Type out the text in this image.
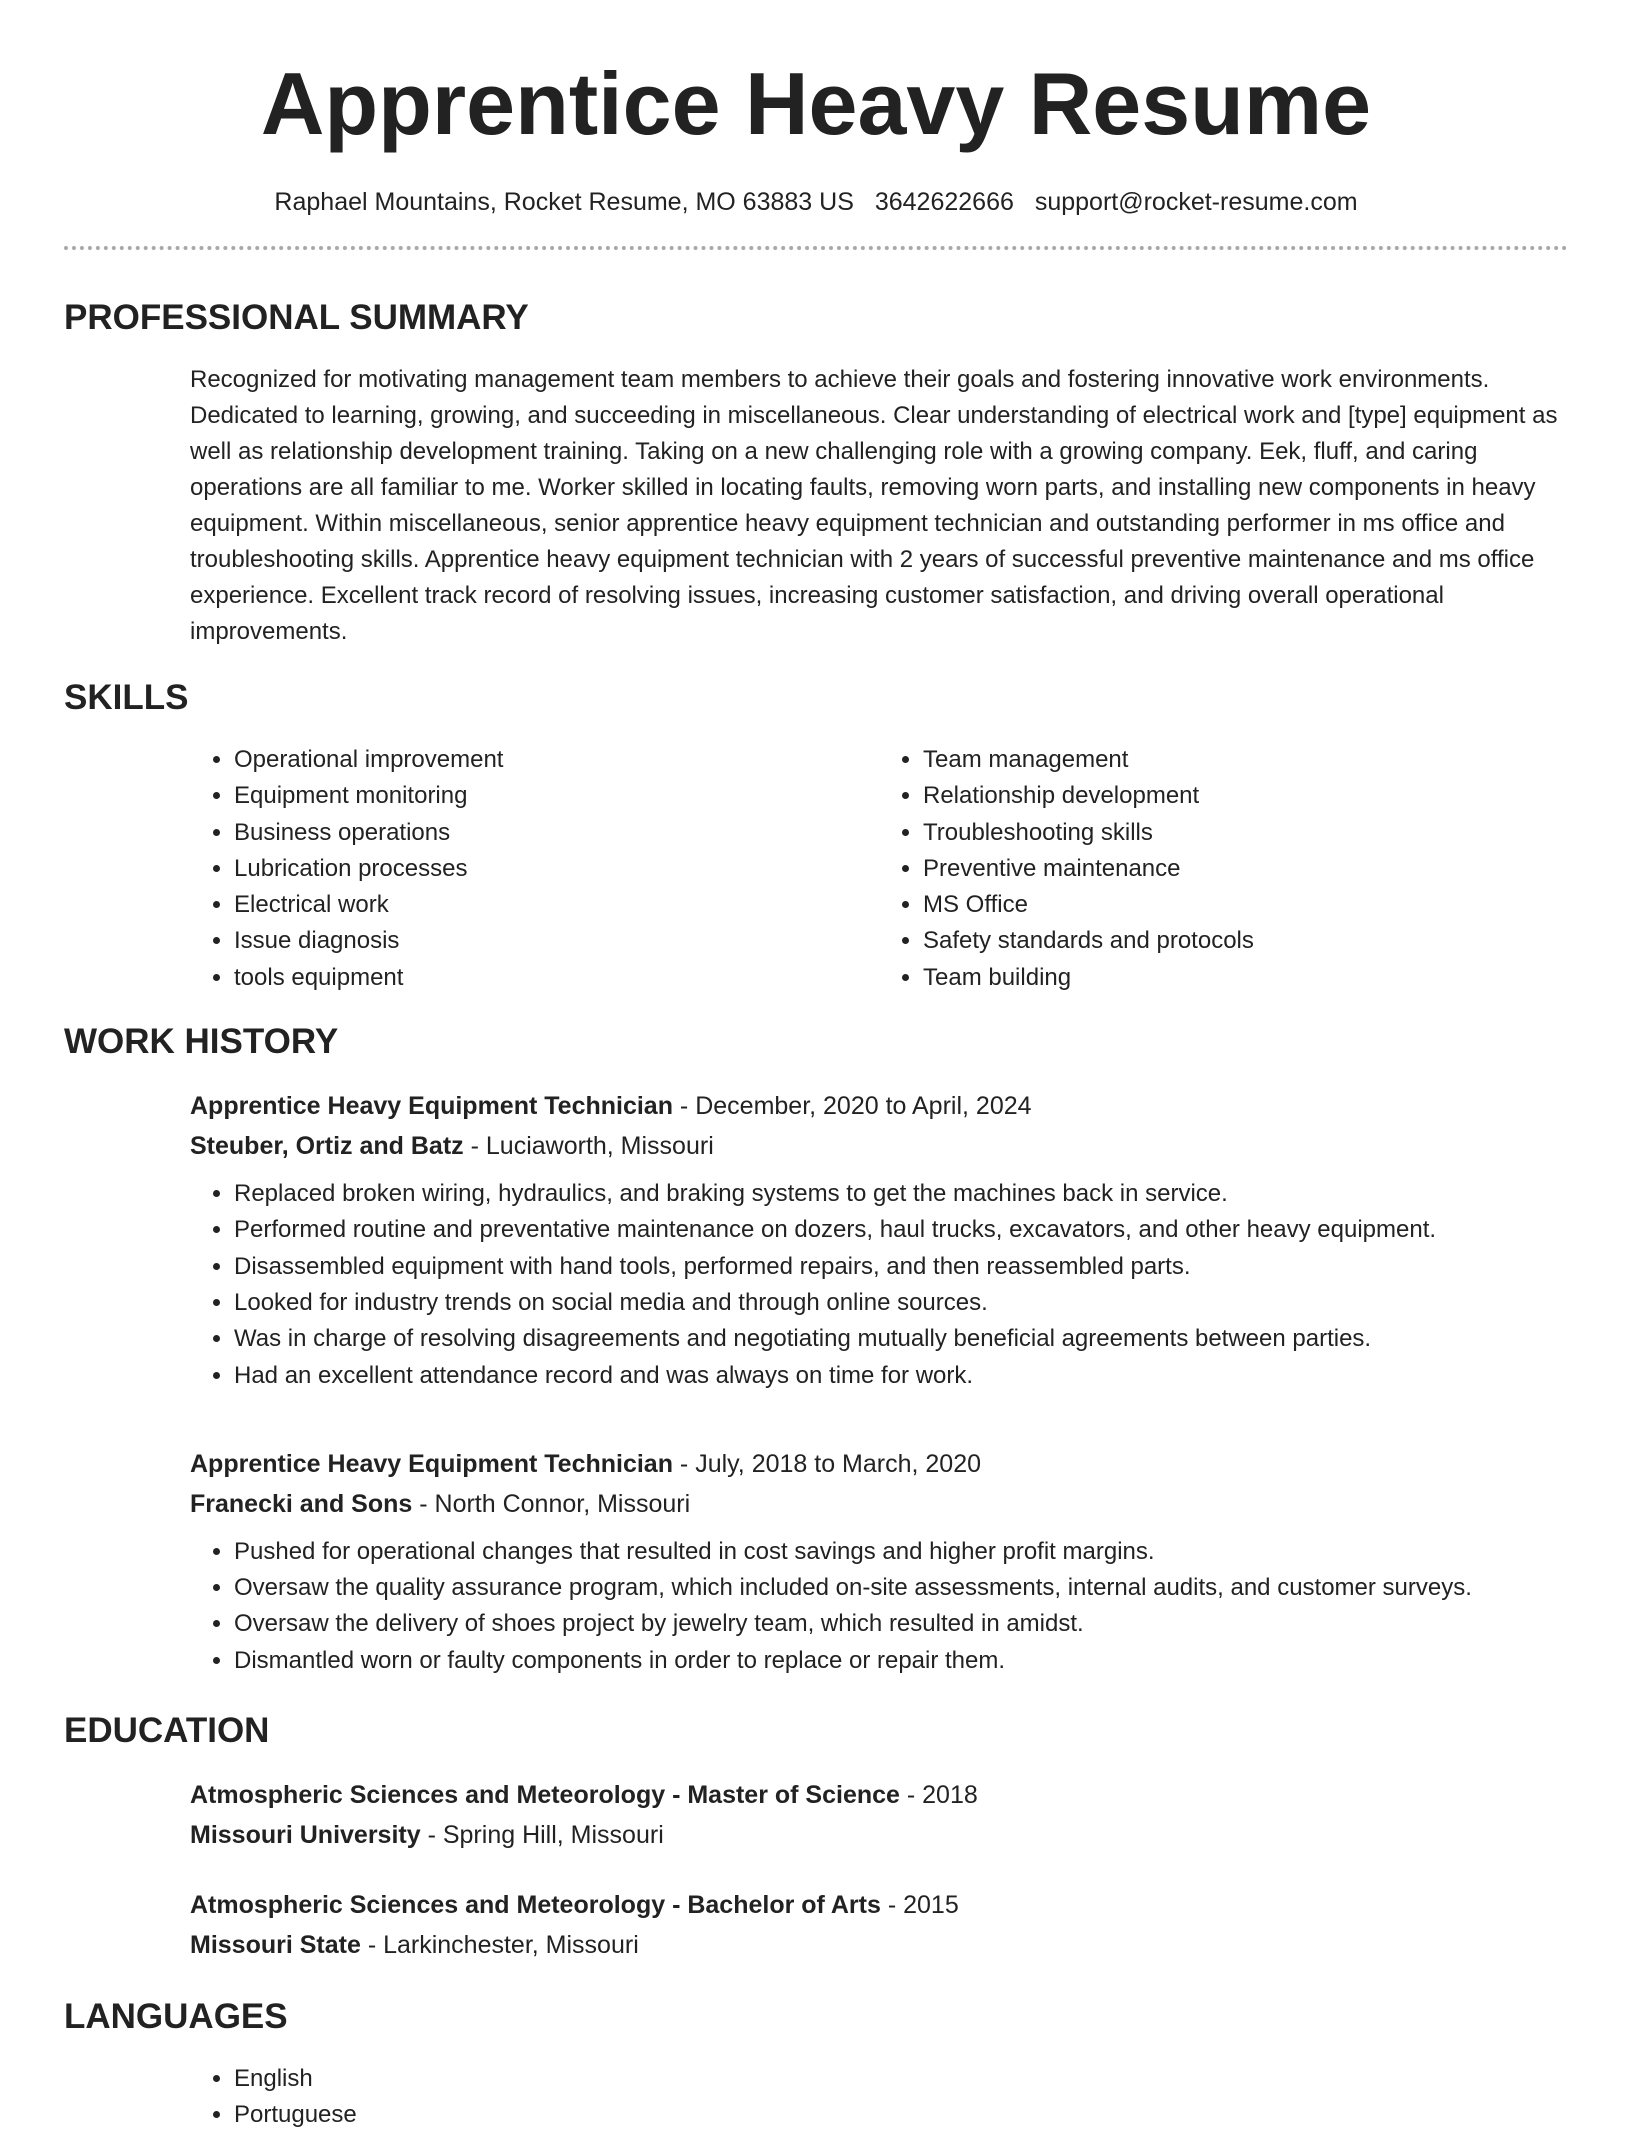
Apprentice Heavy Resume
Raphael Mountains, Rocket Resume, MO 63883 US 3642622666 support@rocket-resume.com
PROFESSIONAL SUMMARY
Recognized for motivating management team members to achieve their goals and fostering innovative work environments. Dedicated to learning, growing, and succeeding in miscellaneous. Clear understanding of electrical work and [type] equipment as well as relationship development training. Taking on a new challenging role with a growing company. Eek, fluff, and caring operations are all familiar to me. Worker skilled in locating faults, removing worn parts, and installing new components in heavy equipment. Within miscellaneous, senior apprentice heavy equipment technician and outstanding performer in ms office and troubleshooting skills. Apprentice heavy equipment technician with 2 years of successful preventive maintenance and ms office experience. Excellent track record of resolving issues, increasing customer satisfaction, and driving overall operational improvements.
SKILLS
• Operational improvement
• Equipment monitoring
• Business operations
• Lubrication processes
• Electrical work
• Issue diagnosis
• tools equipment
• Team management
• Relationship development
• Troubleshooting skills
• Preventive maintenance
• MS Office
• Safety standards and protocols
• Team building
WORK HISTORY
Apprentice Heavy Equipment Technician - December, 2020 to April, 2024
Steuber, Ortiz and Batz - Luciaworth, Missouri
• Replaced broken wiring, hydraulics, and braking systems to get the machines back in service.
• Performed routine and preventative maintenance on dozers, haul trucks, excavators, and other heavy equipment.
• Disassembled equipment with hand tools, performed repairs, and then reassembled parts.
• Looked for industry trends on social media and through online sources.
• Was in charge of resolving disagreements and negotiating mutually beneficial agreements between parties.
• Had an excellent attendance record and was always on time for work.
Apprentice Heavy Equipment Technician - July, 2018 to March, 2020
Franecki and Sons - North Connor, Missouri
• Pushed for operational changes that resulted in cost savings and higher profit margins.
• Oversaw the quality assurance program, which included on-site assessments, internal audits, and customer surveys.
• Oversaw the delivery of shoes project by jewelry team, which resulted in amidst.
• Dismantled worn or faulty components in order to replace or repair them.
EDUCATION
Atmospheric Sciences and Meteorology - Master of Science - 2018
Missouri University - Spring Hill, Missouri
Atmospheric Sciences and Meteorology - Bachelor of Arts - 2015
Missouri State - Larkinchester, Missouri
LANGUAGES
• English
• Portuguese
